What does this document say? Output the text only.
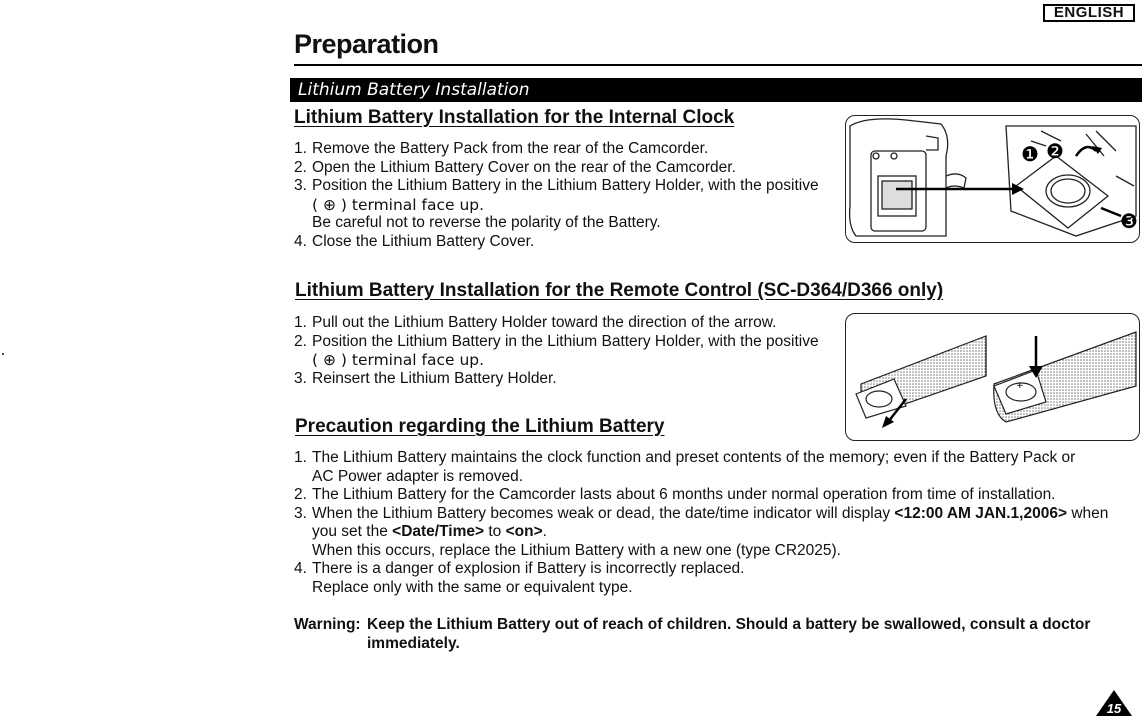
ENGLISH
Preparation
Lithium Battery Installation
Lithium Battery Installation for the Internal Clock
1. Remove the Battery Pack from the rear of the Camcorder.
2. Open the Lithium Battery Cover on the rear of the Camcorder.
3. Position the Lithium Battery in the Lithium Battery Holder, with the positive
( ⊕ ) terminal face up.
Be careful not to reverse the polarity of the Battery.
4. Close the Lithium Battery Cover.
❶ ❷
❸
Lithium Battery Installation for the Remote Control (SC-D364/D366 only)
1. Pull out the Lithium Battery Holder toward the direction of the arrow.
2. Position the Lithium Battery in the Lithium Battery Holder, with the positive
( ⊕ ) terminal face up.
3. Reinsert the Lithium Battery Holder.	+
Precaution regarding the Lithium Battery
1. The Lithium Battery maintains the clock function and preset contents of the memory; even if the Battery Pack or
AC Power adapter is removed.
2. The Lithium Battery for the Camcorder lasts about 6 months under normal operation from time of installation.
3. When the Lithium Battery becomes weak or dead, the date/time indicator will display <12:00 AM JAN.1,2006> when
you set the <Date/Time> to <on>.
When this occurs, replace the Lithium Battery with a new one (type CR2025).
4. There is a danger of explosion if Battery is incorrectly replaced.
Replace only with the same or equivalent type.
Warning: Keep the Lithium Battery out of reach of children. Should a battery be swallowed, consult a doctor immediately.
15
